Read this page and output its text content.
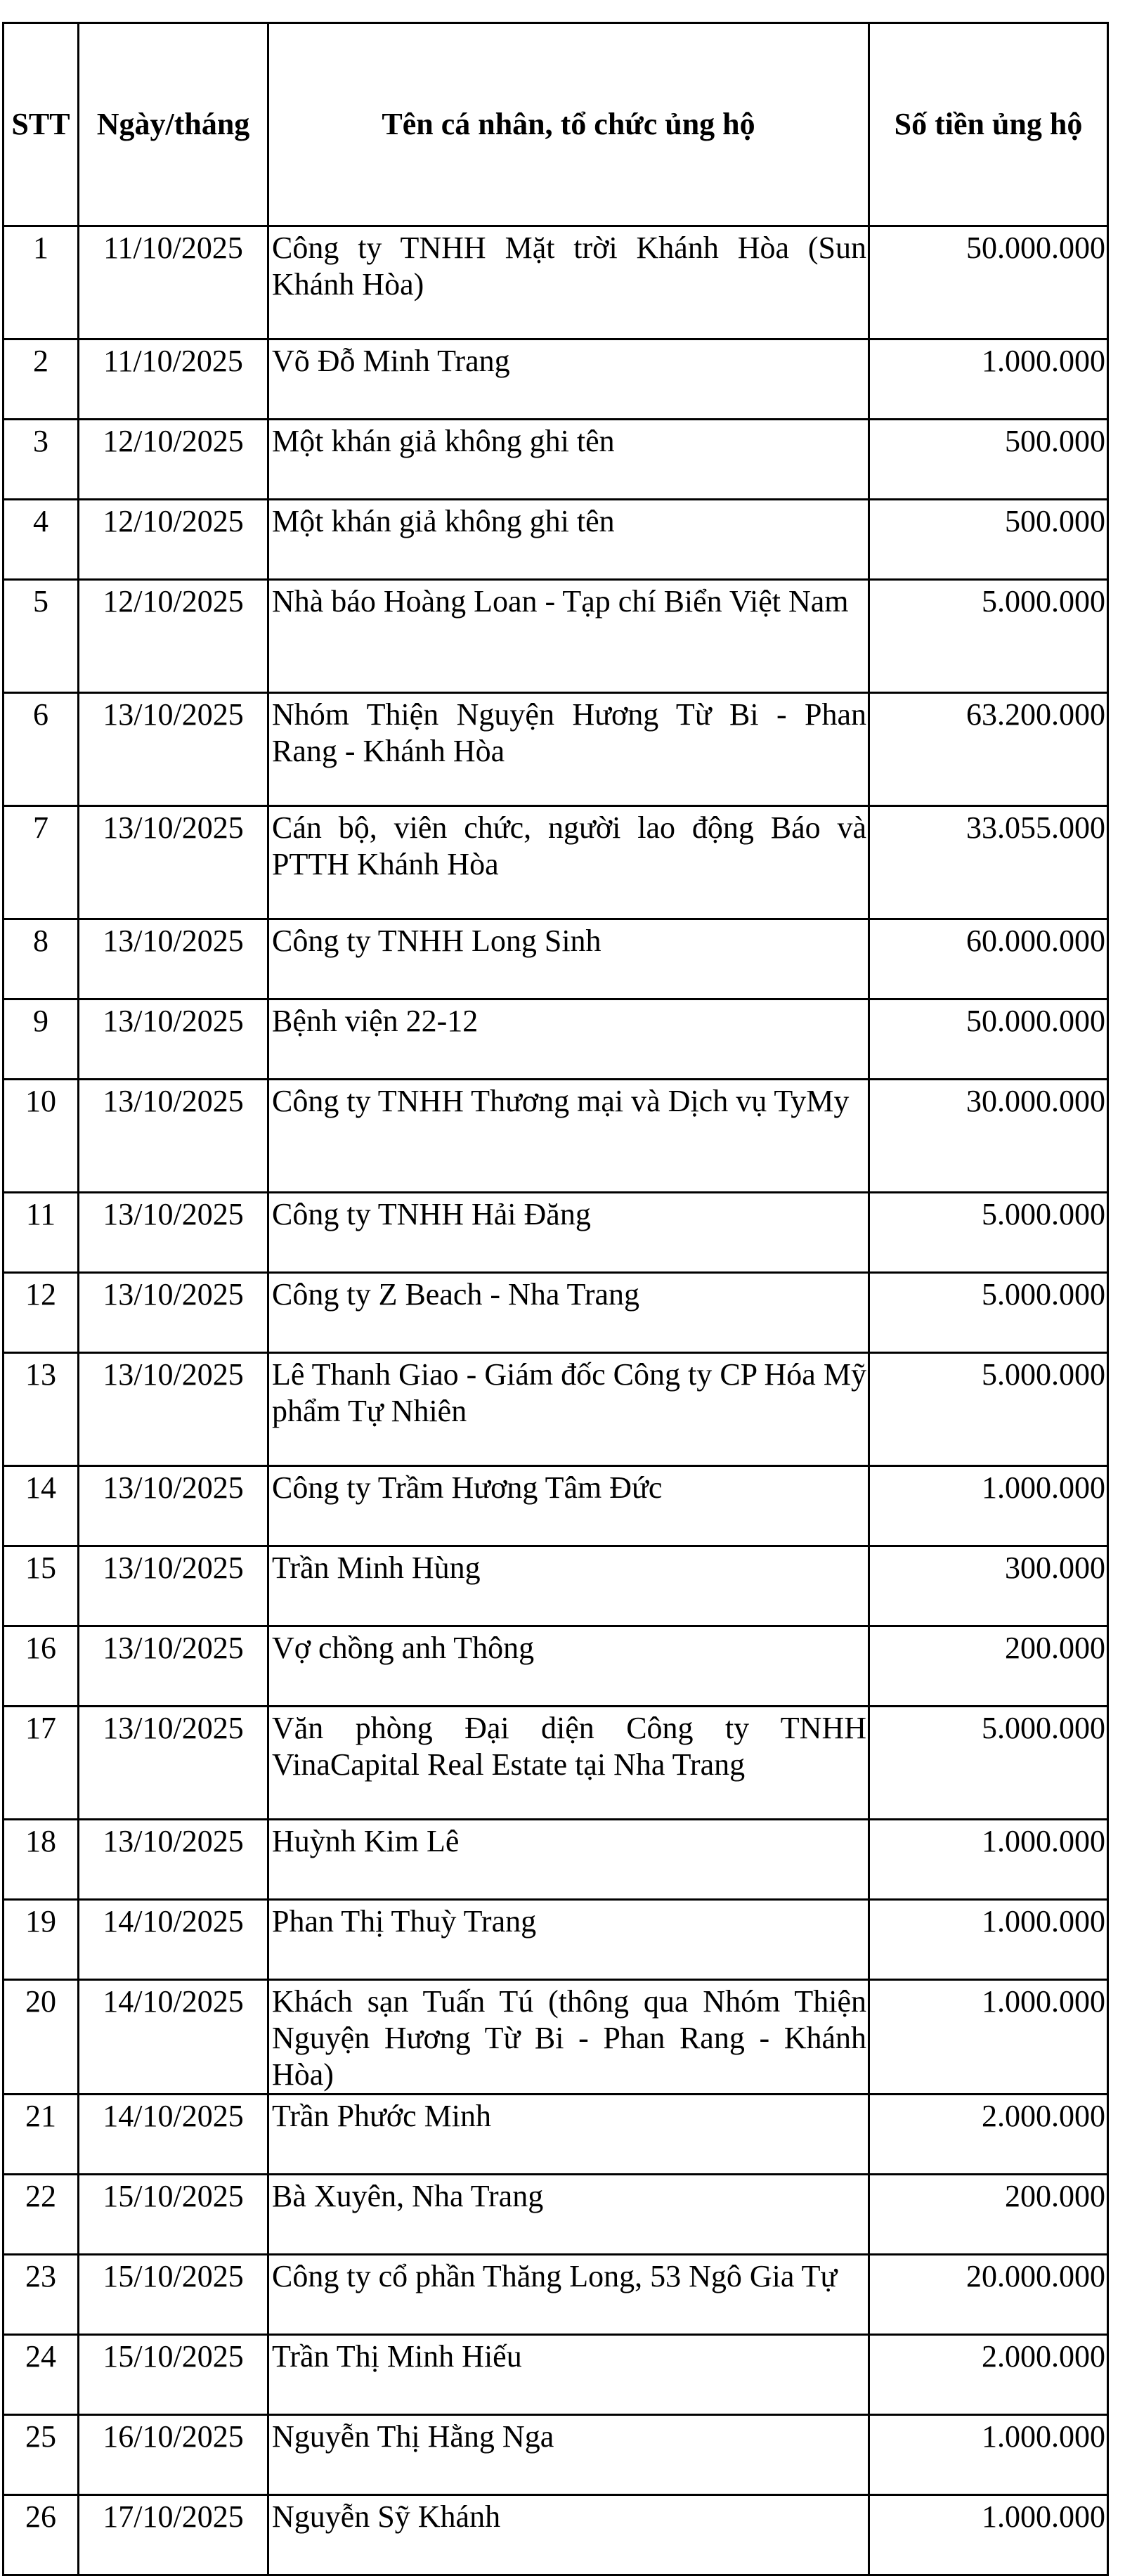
STT	Ngày/tháng	Tên cá nhân, tổ chức ủng hộ	Số tiền ủng hộ

1	11/10/2025	Công ty TNHH Mặt trời Khánh Hòa (Sun Khánh Hòa)	50.000.000

2	11/10/2025	Võ Đỗ Minh Trang	1.000.000

3	12/10/2025	Một khán giả không ghi tên	500.000

4	12/10/2025	Một khán giả không ghi tên	500.000

5	12/10/2025	Nhà báo Hoàng Loan - Tạp chí Biển Việt Nam	5.000.000

6	13/10/2025	Nhóm Thiện Nguyện Hương Từ Bi - Phan Rang - Khánh Hòa	63.200.000

7	13/10/2025	Cán bộ, viên chức, người lao động Báo và PTTH Khánh Hòa	33.055.000

8	13/10/2025	Công ty TNHH Long Sinh	60.000.000

9	13/10/2025	Bệnh viện 22-12	50.000.000

10	13/10/2025	Công ty TNHH Thương mại và Dịch vụ TyMy	30.000.000

11	13/10/2025	Công ty TNHH Hải Đăng	5.000.000

12	13/10/2025	Công ty Z Beach - Nha Trang	5.000.000

13	13/10/2025	Lê Thanh Giao - Giám đốc Công ty CP Hóa Mỹ phẩm Tự Nhiên	5.000.000

14	13/10/2025	Công ty Trầm Hương Tâm Đức	1.000.000

15	13/10/2025	Trần Minh Hùng	300.000

16	13/10/2025	Vợ chồng anh Thông	200.000

17	13/10/2025	Văn phòng Đại diện Công ty TNHH VinaCapital Real Estate tại Nha Trang	5.000.000

18	13/10/2025	Huỳnh Kim Lê	1.000.000

19	14/10/2025	Phan Thị Thuỳ Trang	1.000.000

20	14/10/2025	Khách sạn Tuấn Tú (thông qua Nhóm Thiện Nguyện Hương Từ Bi - Phan Rang - Khánh Hòa)	1.000.000

21	14/10/2025	Trần Phước Minh	2.000.000

22	15/10/2025	Bà Xuyên, Nha Trang	200.000

23	15/10/2025	Công ty cổ phần Thăng Long, 53 Ngô Gia Tự	20.000.000

24	15/10/2025	Trần Thị Minh Hiếu	2.000.000

25	16/10/2025	Nguyễn Thị Hằng Nga	1.000.000

26	17/10/2025	Nguyễn Sỹ Khánh	1.000.000
